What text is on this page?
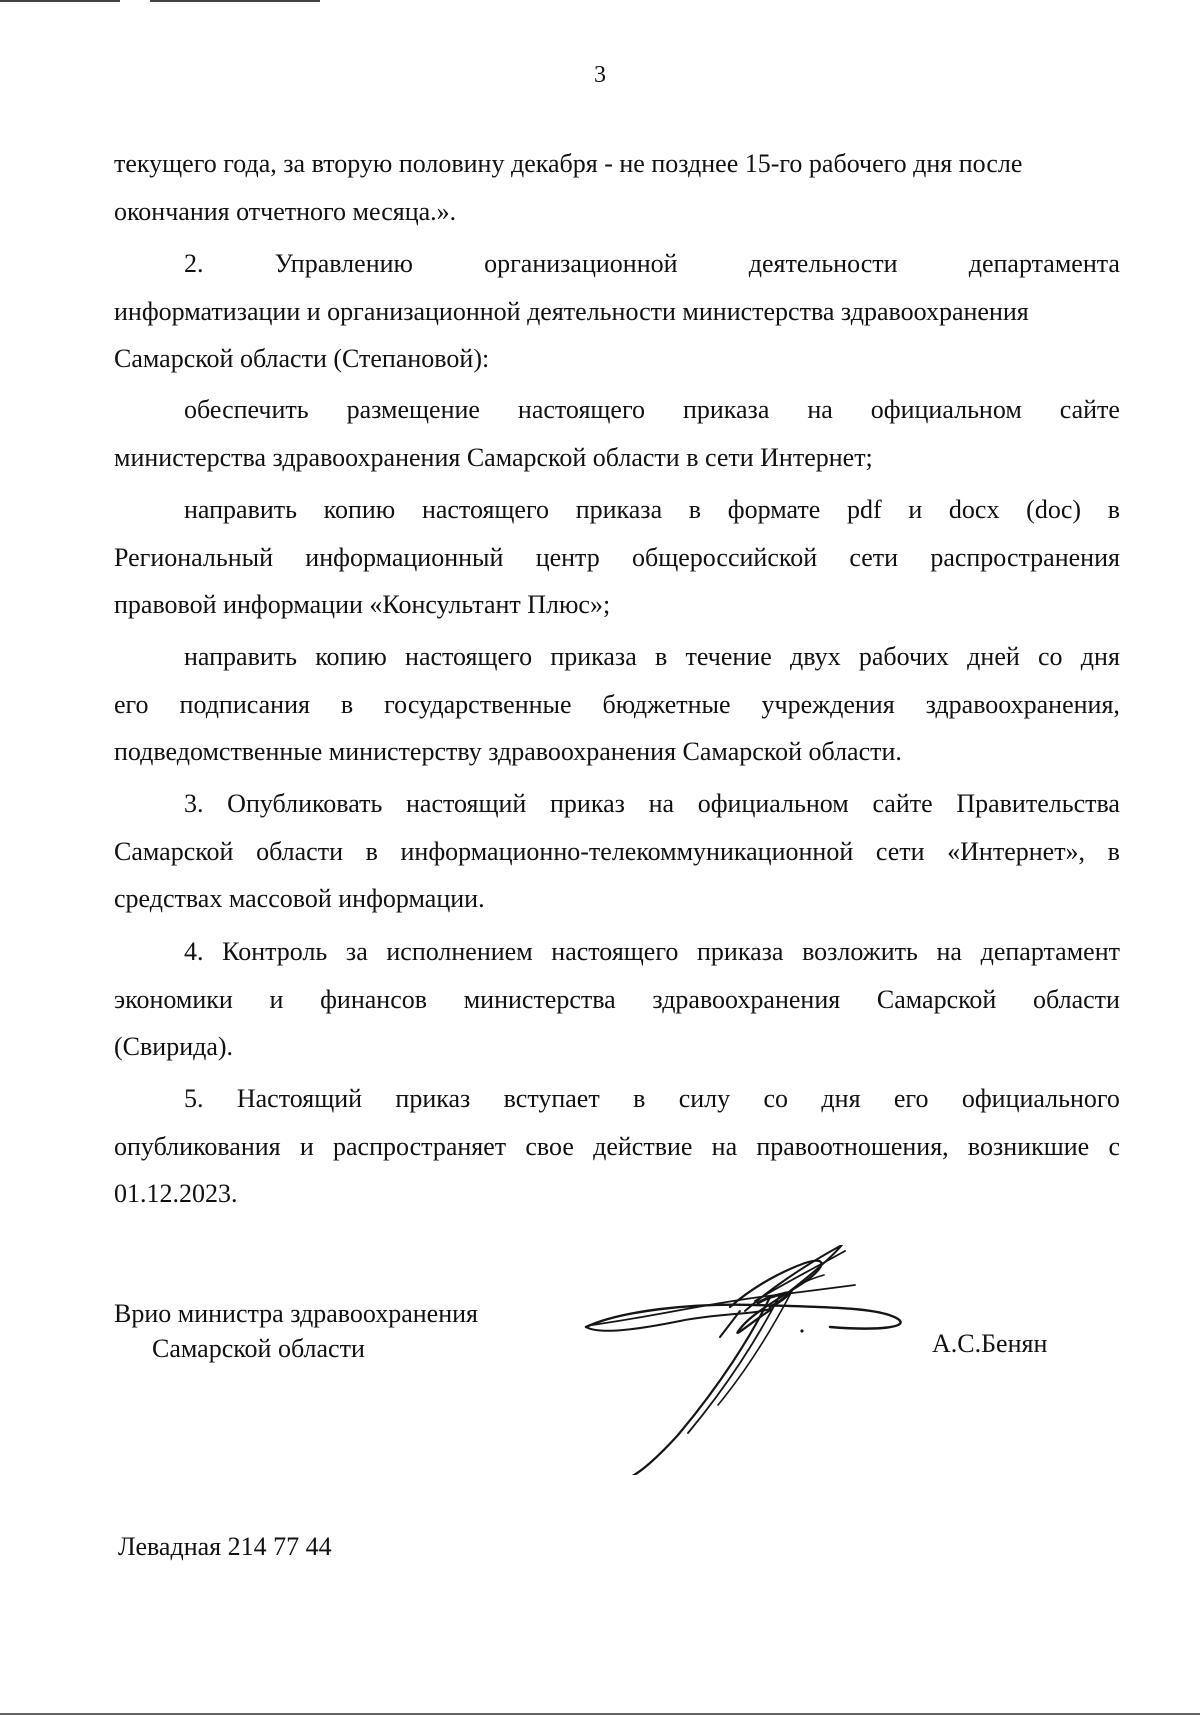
3
текущего года, за вторую половину декабря - не позднее 15-го рабочего дня после
окончания отчетного месяца.».
2.	Управлению	организационной	деятельности	департамента
информатизации и организационной деятельности министерства здравоохранения
Самарской области (Степановой):
обеспечить размещение настоящего приказа на официальном сайте
министерства здравоохранения Самарской области в сети Интернет;
направить копию настоящего приказа в формате pdf и docx (doc) в
Региональный информационный центр общероссийской сети распространения
правовой информации «Консультант Плюс»;
направить копию настоящего приказа в течение двух рабочих дней со дня
его подписания в государственные бюджетные учреждения здравоохранения,
подведомственные министерству здравоохранения Самарской области.
3. Опубликовать настоящий приказ на официальном сайте Правительства
Самарской области в информационно-телекоммуникационной сети «Интернет», в
средствах массовой информации.
4. Контроль за исполнением настоящего приказа возложить на департамент
экономики и финансов министерства здравоохранения Самарской области
(Свирида).
5. Настоящий приказ вступает в силу со дня его официального
опубликования и распространяет свое действие на правоотношения, возникшие с
01.12.2023.
Врио министра здравоохранения
Самарской области	А.С.Бенян
Левадная 214 77 44
